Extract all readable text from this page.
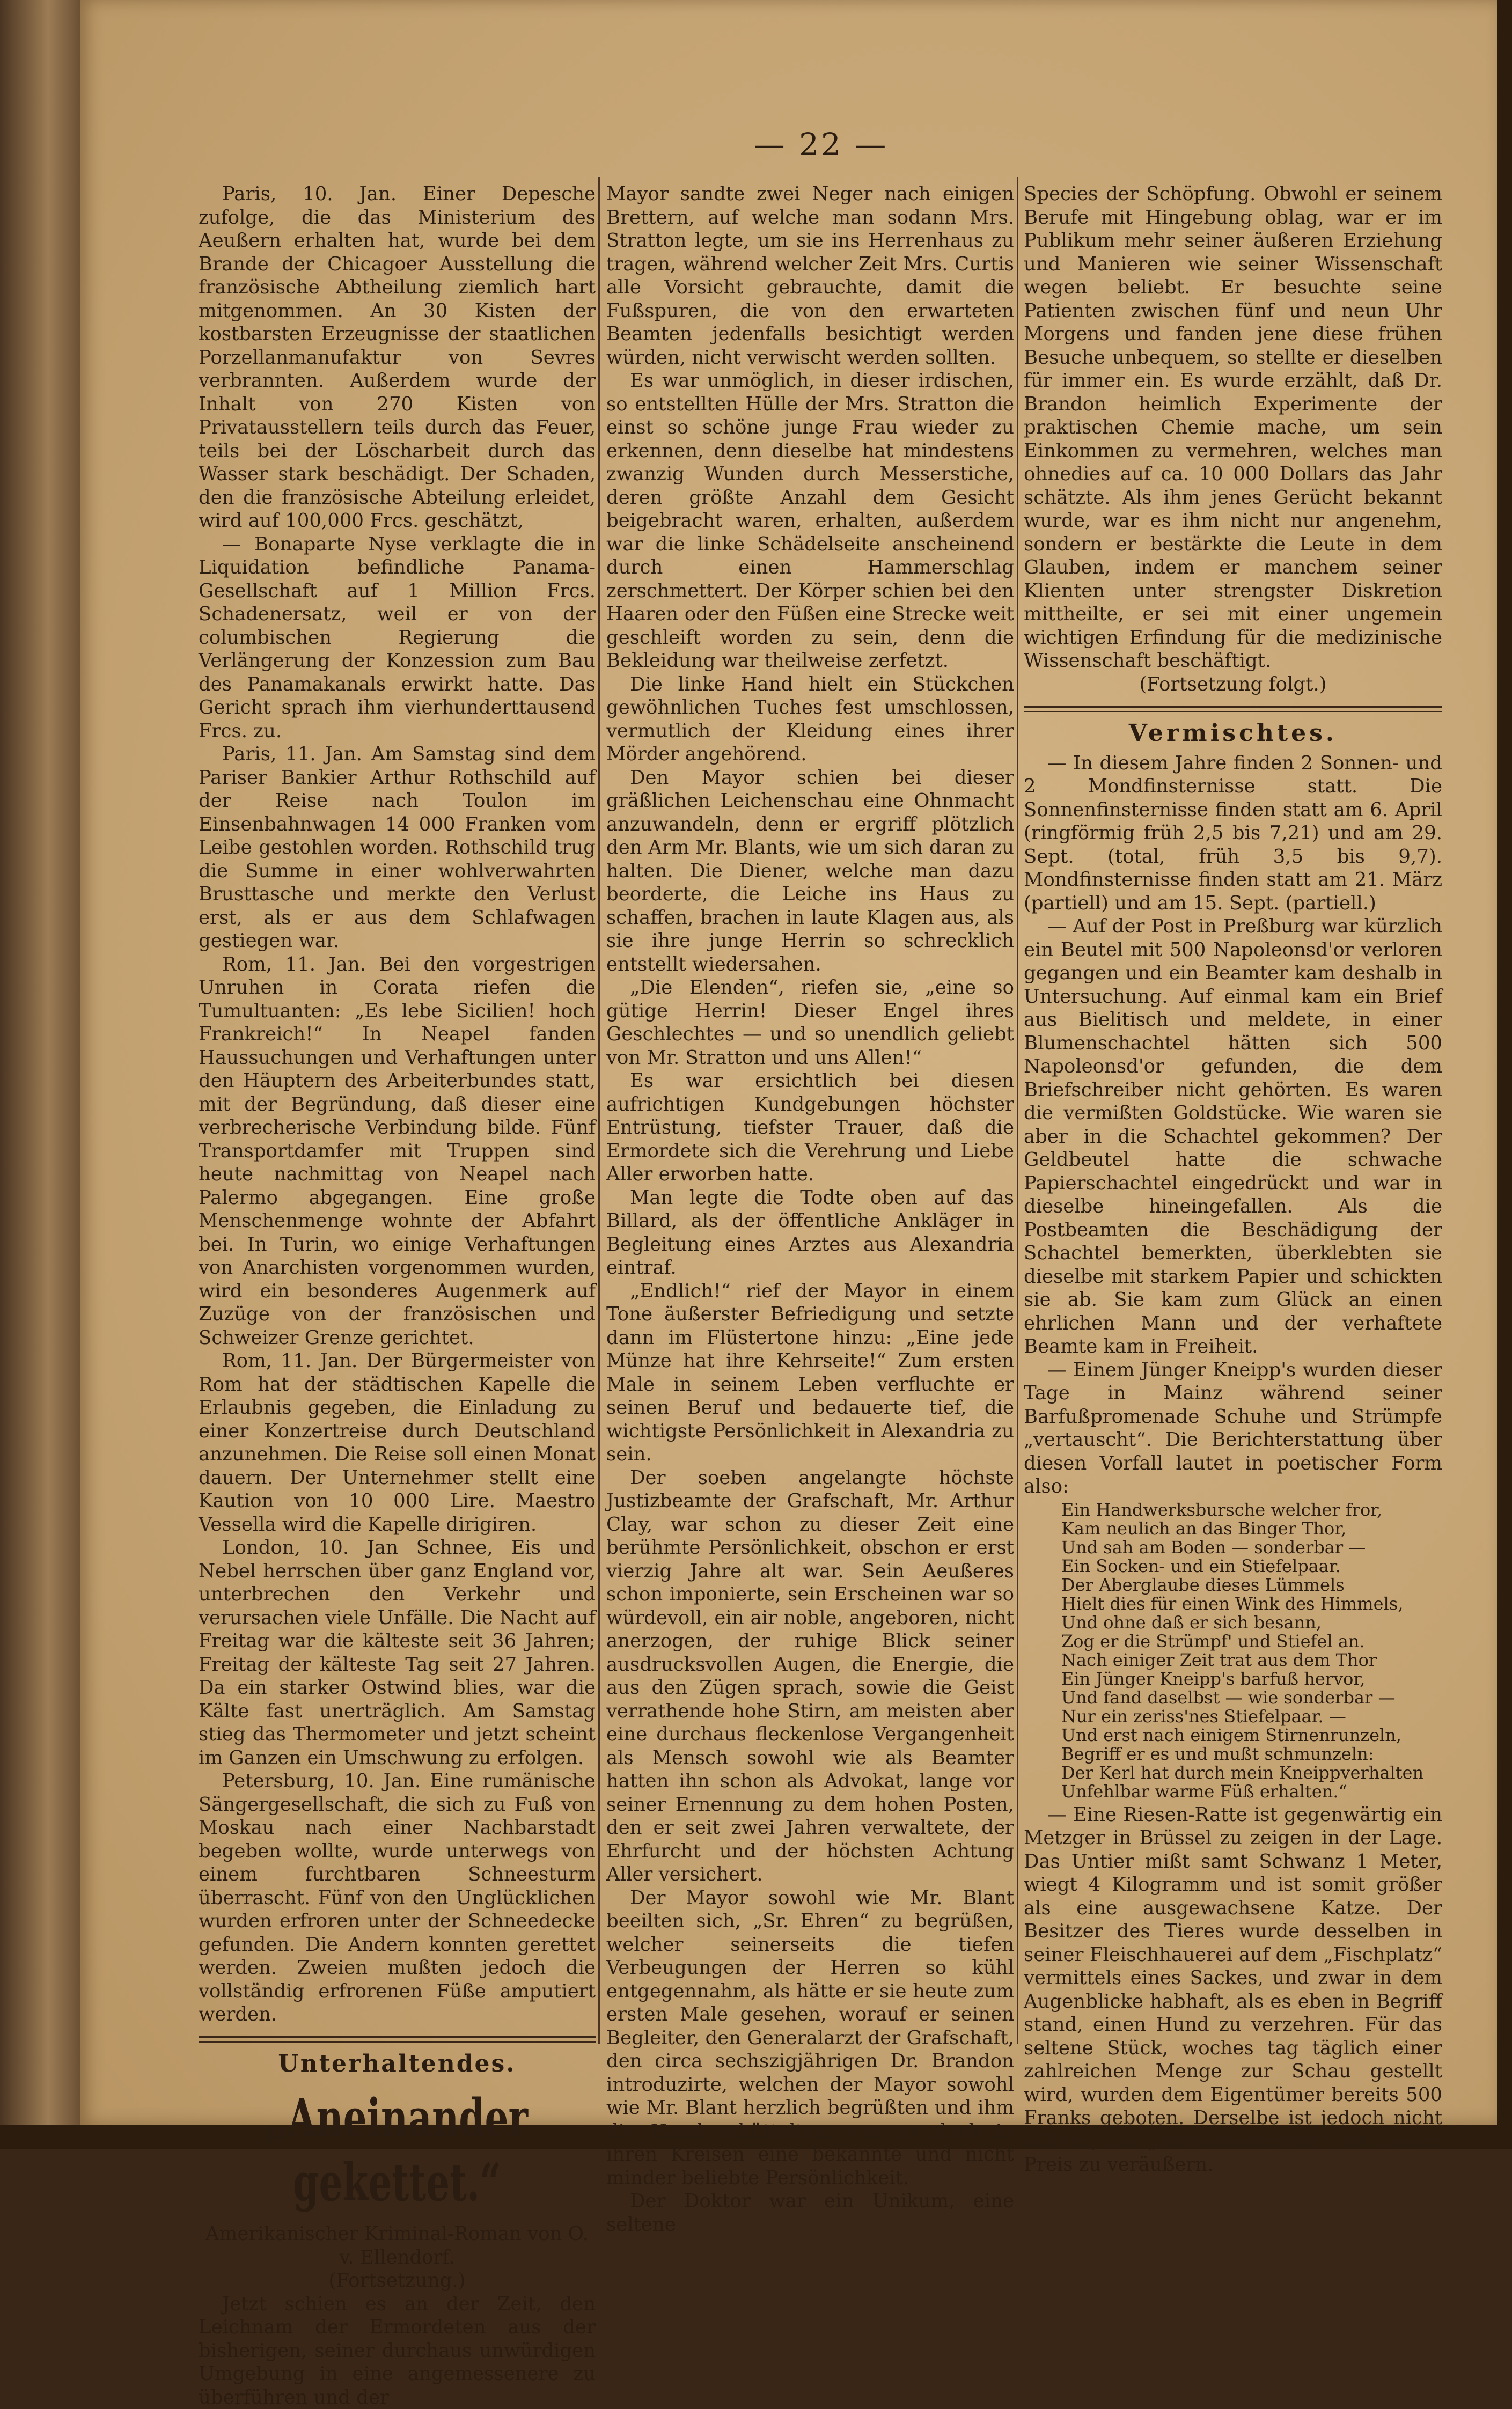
— 22 —

Paris, 10. Jan. Einer Depesche zufolge, die das Ministerium des Aeußern erhalten hat, wurde bei dem Brande der Chicagoer Ausstellung die französische Abtheilung ziemlich hart mitgenommen. An 30 Kisten der kostbarsten Erzeugnisse der staatlichen Porzellanmanufaktur von Sevres verbrannten. Außerdem wurde der Inhalt von 270 Kisten von Privatausstellern teils durch das Feuer, teils bei der Löscharbeit durch das Wasser stark beschädigt. Der Schaden, den die französische Abteilung erleidet, wird auf 100,000 Frcs. geschätzt,

— Bonaparte Nyse verklagte die in Liquidation befindliche Panama-Gesellschaft auf 1 Million Frcs. Schadenersatz, weil er von der columbischen Regierung die Verlängerung der Konzession zum Bau des Panamakanals erwirkt hatte. Das Gericht sprach ihm vierhunderttausend Frcs. zu.

Paris, 11. Jan. Am Samstag sind dem Pariser Bankier Arthur Rothschild auf der Reise nach Toulon im Einsenbahnwagen 14 000 Franken vom Leibe gestohlen worden. Rothschild trug die Summe in einer wohlverwahrten Brusttasche und merkte den Verlust erst, als er aus dem Schlafwagen gestiegen war.

Rom, 11. Jan. Bei den vorgestrigen Unruhen in Corata riefen die Tumultuanten: „Es lebe Sicilien! hoch Frankreich!“ In Neapel fanden Haussuchungen und Verhaftungen unter den Häuptern des Arbeiterbundes statt, mit der Begründung, daß dieser eine verbrecherische Verbindung bilde. Fünf Transportdamfer mit Truppen sind heute nachmittag von Neapel nach Palermo abgegangen. Eine große Menschenmenge wohnte der Abfahrt bei. In Turin, wo einige Verhaftungen von Anarchisten vorgenommen wurden, wird ein besonderes Augenmerk auf Zuzüge von der französischen und Schweizer Grenze gerichtet.

Rom, 11. Jan. Der Bürgermeister von Rom hat der städtischen Kapelle die Erlaubnis gegeben, die Einladung zu einer Konzertreise durch Deutschland anzunehmen. Die Reise soll einen Monat dauern. Der Unternehmer stellt eine Kaution von 10 000 Lire. Maestro Vessella wird die Kapelle dirigiren.

London, 10. Jan Schnee, Eis und Nebel herrschen über ganz England vor, unterbrechen den Verkehr und verursachen viele Unfälle. Die Nacht auf Freitag war die kälteste seit 36 Jahren; Freitag der kälteste Tag seit 27 Jahren. Da ein starker Ostwind blies, war die Kälte fast unerträglich. Am Samstag stieg das Thermometer und jetzt scheint im Ganzen ein Umschwung zu erfolgen.

Petersburg, 10. Jan. Eine rumänische Sängergesellschaft, die sich zu Fuß von Moskau nach einer Nachbarstadt begeben wollte, wurde unterwegs von einem furchtbaren Schneesturm überrascht. Fünf von den Unglücklichen wurden erfroren unter der Schneedecke gefunden. Die Andern konnten gerettet werden. Zweien mußten jedoch die vollständig erfrorenen Füße amputiert werden.

Unterhaltendes.
„Aneinander gekettet.“

Amerikanischer Kriminal-Roman von O. v. Ellendorf.

(Fortsetzung.)

Jetzt schien es an der Zeit, den Leichnam der Ermordeten aus der bisherigen, seiner durchaus unwürdigen Umgebung in eine angemessenere zu überführen und der

Mayor sandte zwei Neger nach einigen Brettern, auf welche man sodann Mrs. Stratton legte, um sie ins Herrenhaus zu tragen, während welcher Zeit Mrs. Curtis alle Vorsicht gebrauchte, damit die Fußspuren, die von den erwarteten Beamten jedenfalls besichtigt werden würden, nicht verwischt werden sollten.

Es war unmöglich, in dieser irdischen, so entstellten Hülle der Mrs. Stratton die einst so schöne junge Frau wieder zu erkennen, denn dieselbe hat mindestens zwanzig Wunden durch Messerstiche, deren größte Anzahl dem Gesicht beigebracht waren, erhalten, außerdem war die linke Schädelseite anscheinend durch einen Hammerschlag zerschmettert. Der Körper schien bei den Haaren oder den Füßen eine Strecke weit geschleift worden zu sein, denn die Bekleidung war theilweise zerfetzt.

Die linke Hand hielt ein Stückchen gewöhnlichen Tuches fest umschlossen, vermutlich der Kleidung eines ihrer Mörder angehörend.

Den Mayor schien bei dieser gräßlichen Leichenschau eine Ohnmacht anzuwandeln, denn er ergriff plötzlich den Arm Mr. Blants, wie um sich daran zu halten. Die Diener, welche man dazu beorderte, die Leiche ins Haus zu schaffen, brachen in laute Klagen aus, als sie ihre junge Herrin so schrecklich entstellt wiedersahen.

„Die Elenden“, riefen sie, „eine so gütige Herrin! Dieser Engel ihres Geschlechtes — und so unendlich geliebt von Mr. Stratton und uns Allen!“

Es war ersichtlich bei diesen aufrichtigen Kundgebungen höchster Entrüstung, tiefster Trauer, daß die Ermordete sich die Verehrung und Liebe Aller erworben hatte.

Man legte die Todte oben auf das Billard, als der öffentliche Ankläger in Begleitung eines Arztes aus Alexandria eintraf.

„Endlich!“ rief der Mayor in einem Tone äußerster Befriedigung und setzte dann im Flüstertone hinzu: „Eine jede Münze hat ihre Kehrseite!“ Zum ersten Male in seinem Leben verfluchte er seinen Beruf und bedauerte tief, die wichtigste Persönlichkeit in Alexandria zu sein.

Der soeben angelangte höchste Justizbeamte der Grafschaft, Mr. Arthur Clay, war schon zu dieser Zeit eine berühmte Persönlichkeit, obschon er erst vierzig Jahre alt war. Sein Aeußeres schon imponierte, sein Erscheinen war so würdevoll, ein air noble, angeboren, nicht anerzogen, der ruhige Blick seiner ausdrucksvollen Augen, die Energie, die aus den Zügen sprach, sowie die Geist verrathende hohe Stirn, am meisten aber eine durchaus fleckenlose Vergangenheit als Mensch sowohl wie als Beamter hatten ihn schon als Advokat, lange vor seiner Ernennung zu dem hohen Posten, den er seit zwei Jahren verwaltete, der Ehrfurcht und der höchsten Achtung Aller versichert.

Der Mayor sowohl wie Mr. Blant beeilten sich, „Sr. Ehren“ zu begrüßen, welcher seinerseits die tiefen Verbeugungen der Herren so kühl entgegennahm, als hätte er sie heute zum ersten Male gesehen, worauf er seinen Begleiter, den Generalarzt der Grafschaft, den circa sechszigjährigen Dr. Brandon introduzirte, welchen der Mayor sowohl wie Mr. Blant herzlich begrüßten und ihm die Hand schüttelten, war er doch in ihren Kreisen eine bekannte und nicht minder beliebte Persönlichkeit.

Der Doktor war ein Unikum, eine seltene

Species der Schöpfung. Obwohl er seinem Berufe mit Hingebung oblag, war er im Publikum mehr seiner äußeren Erziehung und Manieren wie seiner Wissenschaft wegen beliebt. Er besuchte seine Patienten zwischen fünf und neun Uhr Morgens und fanden jene diese frühen Besuche unbequem, so stellte er dieselben für immer ein. Es wurde erzählt, daß Dr. Brandon heimlich Experimente der praktischen Chemie mache, um sein Einkommen zu vermehren, welches man ohnedies auf ca. 10 000 Dollars das Jahr schätzte. Als ihm jenes Gerücht bekannt wurde, war es ihm nicht nur angenehm, sondern er bestärkte die Leute in dem Glauben, indem er manchem seiner Klienten unter strengster Diskretion mittheilte, er sei mit einer ungemein wichtigen Erfindung für die medizinische Wissenschaft beschäftigt.

(Fortsetzung folgt.)

Vermischtes.

— In diesem Jahre finden 2 Sonnen- und 2 Mondfinsternisse statt. Die Sonnenfinsternisse finden statt am 6. April (ringförmig früh 2,5 bis 7,21) und am 29. Sept. (total, früh 3,5 bis 9,7). Mondfinsternisse finden statt am 21. März (partiell) und am 15. Sept. (partiell.)

— Auf der Post in Preßburg war kürzlich ein Beutel mit 500 Napoleonsd'or verloren gegangen und ein Beamter kam deshalb in Untersuchung. Auf einmal kam ein Brief aus Bielitisch und meldete, in einer Blumenschachtel hätten sich 500 Napoleonsd'or gefunden, die dem Briefschreiber nicht gehörten. Es waren die vermißten Goldstücke. Wie waren sie aber in die Schachtel gekommen? Der Geldbeutel hatte die schwache Papierschachtel eingedrückt und war in dieselbe hineingefallen. Als die Postbeamten die Beschädigung der Schachtel bemerkten, überklebten sie dieselbe mit starkem Papier und schickten sie ab. Sie kam zum Glück an einen ehrlichen Mann und der verhaftete Beamte kam in Freiheit.

— Einem Jünger Kneipp's wurden dieser Tage in Mainz während seiner Barfußpromenade Schuhe und Strümpfe „vertauscht“. Die Berichterstattung über diesen Vorfall lautet in poetischer Form also:

Ein Handwerksbursche welcher fror,
Kam neulich an das Binger Thor,
Und sah am Boden — sonderbar —
Ein Socken- und ein Stiefelpaar.
Der Aberglaube dieses Lümmels
Hielt dies für einen Wink des Himmels,
Und ohne daß er sich besann,
Zog er die Strümpf' und Stiefel an.
Nach einiger Zeit trat aus dem Thor
Ein Jünger Kneipp's barfuß hervor,
Und fand daselbst — wie sonderbar —
Nur ein zeriss'nes Stiefelpaar. —
Und erst nach einigem Stirnenrunzeln,
Begriff er es und mußt schmunzeln:
Der Kerl hat durch mein Kneippverhalten
Unfehlbar warme Füß erhalten.“

— Eine Riesen-Ratte ist gegenwärtig ein Metzger in Brüssel zu zeigen in der Lage. Das Untier mißt samt Schwanz 1 Meter, wiegt 4 Kilogramm und ist somit größer als eine ausgewachsene Katze. Der Besitzer des Tieres wurde desselben in seiner Fleischhauerei auf dem „Fischplatz“ vermittels eines Sackes, und zwar in dem Augenblicke habhaft, als es eben in Begriff stand, einen Hund zu verzehren. Für das seltene Stück, woches tag täglich einer zahlreichen Menge zur Schau gestellt wird, wurden dem Eigentümer bereits 500 Franks geboten. Derselbe ist jedoch nicht willens, die „Rattenseltenheit“ um diesen Preis zu veräußern.
